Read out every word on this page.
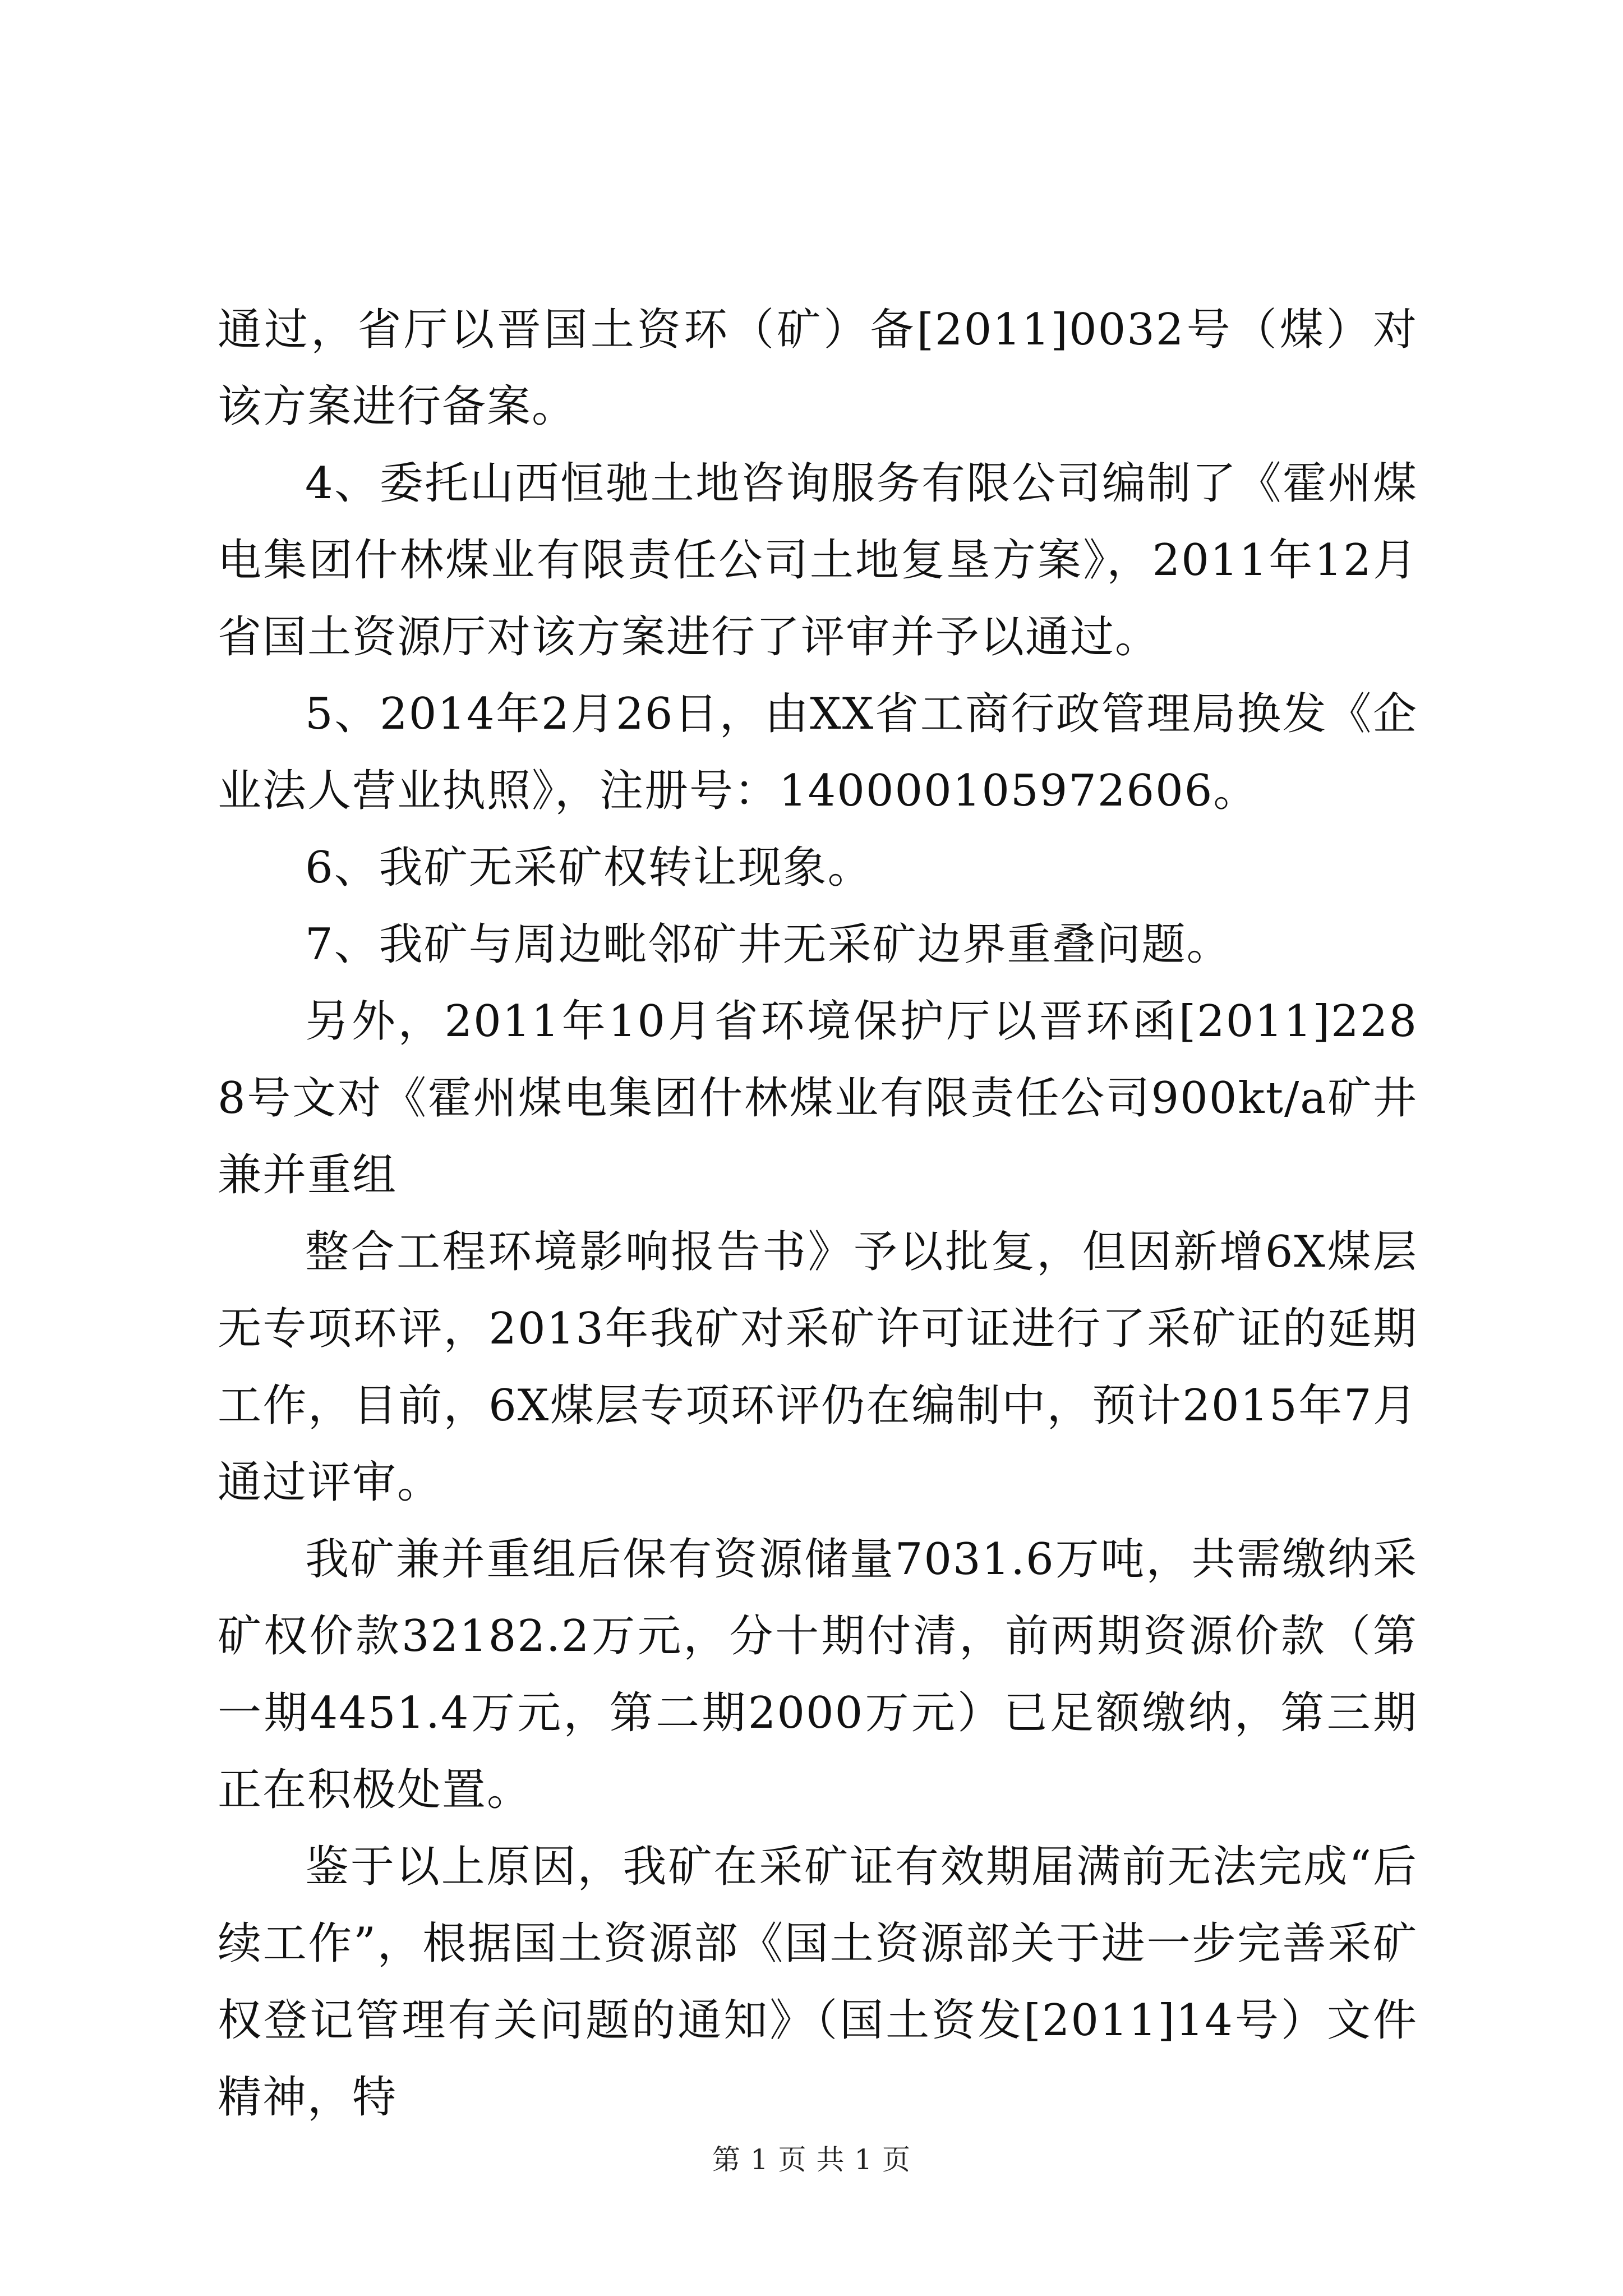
通过，省厅以晋国土资环（矿）备[2011]0032号（煤）对该方案进行备案。

4、委托山西恒驰土地咨询服务有限公司编制了《霍州煤电集团什林煤业有限责任公司土地复垦方案》，2011年12月省国土资源厅对该方案进行了评审并予以通过。

5、2014年2月26日，由XX省工商行政管理局换发《企业法人营业执照》，注册号：140000105972606。

6、我矿无采矿权转让现象。

7、我矿与周边毗邻矿井无采矿边界重叠问题。

另外，2011年10月省环境保护厅以晋环函[2011]2288号文对《霍州煤电集团什林煤业有限责任公司900kt/a矿井兼并重组

整合工程环境影响报告书》予以批复，但因新增6X煤层无专项环评，2013年我矿对采矿许可证进行了采矿证的延期工作，目前，6X煤层专项环评仍在编制中，预计2015年7月通过评审。

我矿兼并重组后保有资源储量7031.6万吨，共需缴纳采矿权价款32182.2万元，分十期付清，前两期资源价款（第一期4451.4万元，第二期2000万元）已足额缴纳，第三期正在积极处置。

鉴于以上原因，我矿在采矿证有效期届满前无法完成“后续工作”，根据国土资源部《国土资源部关于进一步完善采矿权登记管理有关问题的通知》（国土资发[2011]14号）文件精神，特

第 1 页 共 1 页
